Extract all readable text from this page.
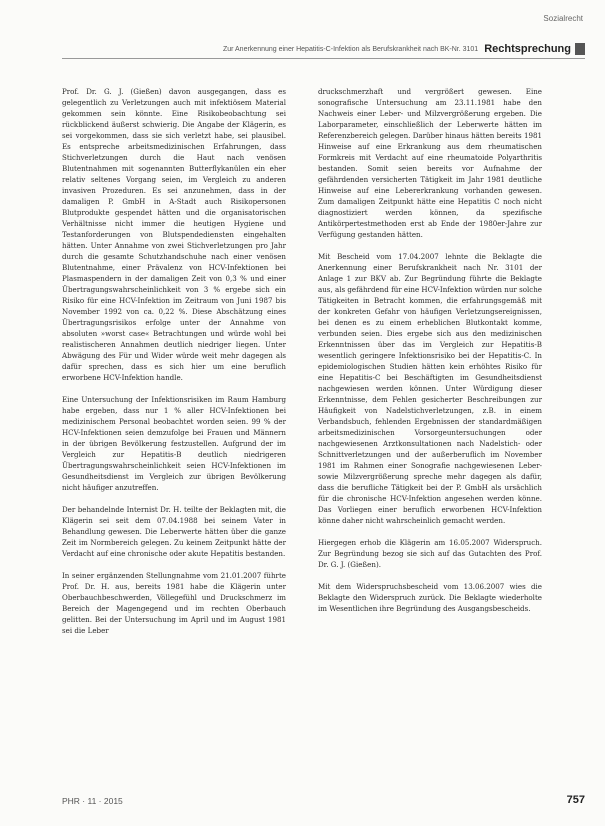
Sozialrecht
Zur Anerkennung einer Hepatitis-C-Infektion als Berufskrankheit nach BK-Nr. 3101 Rechtsprechung

Prof. Dr. G. J. (Gießen) davon ausgegangen, dass es gelegentlich zu Verletzungen auch mit infektiösem Material gekommen sein könnte. Eine Risikobeobachtung sei rückblickend äußerst schwierig. Die Angabe der Klägerin, es sei vorgekommen, dass sie sich verletzt habe, sei plausibel. Es entspreche arbeitsmedizinischen Erfahrungen, dass Stichverletzungen durch die Haut nach venösen Blutentnahmen mit sogenannten Butterflykanülen ein eher relativ seltenes Vorgang seien, im Vergleich zu anderen invasiven Prozeduren. Es sei anzunehmen, dass in der damaligen P. GmbH in A-Stadt auch Risikopersonen Blutprodukte gespendet hätten und die organisatorischen Verhältnisse nicht immer die heutigen Hygiene und Testanforderungen von Blutspendediensten eingehalten hätten. Unter Annahme von zwei Stichverletzungen pro Jahr durch die gesamte Schutzhandschuhe nach einer venösen Blutentnahme, einer Prävalenz von HCV-Infektionen bei Plasmaspendern in der damaligen Zeit von 0,3 % und einer Übertragungswahrscheinlichkeit von 3 % ergebe sich ein Risiko für eine HCV-Infektion im Zeitraum von Juni 1987 bis November 1992 von ca. 0,22 %. Diese Abschätzung eines Übertragungsrisikos erfolge unter der Annahme von absoluten »worst case« Betrachtungen und würde wohl bei realistischeren Annahmen deutlich niedriger liegen. Unter Abwägung des Für und Wider würde weit mehr dagegen als dafür sprechen, dass es sich hier um eine beruflich erworbene HCV-Infektion handle.

Eine Untersuchung der Infektionsrisiken im Raum Hamburg habe ergeben, dass nur 1 % aller HCV-Infektionen bei medizinischem Personal beobachtet worden seien. 99 % der HCV-Infektionen seien demzufolge bei Frauen und Männern in der übrigen Bevölkerung festzustellen. Aufgrund der im Vergleich zur Hepatitis-B deutlich niedrigeren Übertragungswahrscheinlichkeit seien HCV-Infektionen im Gesundheitsdienst im Vergleich zur übrigen Bevölkerung nicht häufiger anzutreffen.

Der behandelnde Internist Dr. H. teilte der Beklagten mit, die Klägerin sei seit dem 07.04.1988 bei seinem Vater in Behandlung gewesen. Die Leberwerte hätten über die ganze Zeit im Normbereich gelegen. Zu keinem Zeitpunkt hätte der Verdacht auf eine chronische oder akute Hepatitis bestanden.

In seiner ergänzenden Stellungnahme vom 21.01.2007 führte Prof. Dr. H. aus, bereits 1981 habe die Klägerin unter Oberbauchbeschwerden, Völlegefühl und Druckschmerz im Bereich der Magengegend und im rechten Oberbauch gelitten. Bei der Untersuchung im April und im August 1981 sei die Leber

druckschmerzhaft und vergrößert gewesen. Eine sonografische Untersuchung am 23.11.1981 habe den Nachweis einer Leber- und Milzvergrößerung ergeben. Die Laborparameter, einschließlich der Leberwerte hätten im Referenzbereich gelegen. Darüber hinaus hätten bereits 1981 Hinweise auf eine Erkrankung aus dem rheumatischen Formkreis mit Verdacht auf eine rheumatoide Polyarthritis bestanden. Somit seien bereits vor Aufnahme der gefährdenden versicherten Tätigkeit im Jahr 1981 deutliche Hinweise auf eine Lebererkrankung vorhanden gewesen. Zum damaligen Zeitpunkt hätte eine Hepatitis C noch nicht diagnostiziert werden können, da spezifische Antikörpertestmethoden erst ab Ende der 1980er-Jahre zur Verfügung gestanden hätten.

Mit Bescheid vom 17.04.2007 lehnte die Beklagte die Anerkennung einer Berufskrankheit nach Nr. 3101 der Anlage 1 zur BKV ab. Zur Begründung führte die Beklagte aus, als gefährdend für eine HCV-Infektion würden nur solche Tätigkeiten in Betracht kommen, die erfahrungsgemäß mit der konkreten Gefahr von häufigen Verletzungsereignissen, bei denen es zu einem erheblichen Blutkontakt komme, verbunden seien. Dies ergebe sich aus den medizinischen Erkenntnissen über das im Vergleich zur Hepatitis-B wesentlich geringere Infektionsrisiko bei der Hepatitis-C. In epidemiologischen Studien hätten kein erhöhtes Risiko für eine Hepatitis-C bei Beschäftigten im Gesundheitsdienst nachgewiesen werden können. Unter Würdigung dieser Erkenntnisse, dem Fehlen gesicherter Beschreibungen zur Häufigkeit von Nadelstichverletzungen, z.B. in einem Verbandsbuch, fehlenden Ergebnissen der standardmäßigen arbeitsmedizinischen Vorsorgeuntersuchungen oder nachgewiesenen Arztkonsultationen nach Nadelstich- oder Schnittverletzungen und der außerberuflich im November 1981 im Rahmen einer Sonografie nachgewiesenen Leber- sowie Milzvergrößerung spreche mehr dagegen als dafür, dass die berufliche Tätigkeit bei der P. GmbH als ursächlich für die chronische HCV-Infektion angesehen werden könne. Das Vorliegen einer beruflich erworbenen HCV-Infektion könne daher nicht wahrscheinlich gemacht werden.

Hiergegen erhob die Klägerin am 16.05.2007 Widerspruch. Zur Begründung bezog sie sich auf das Gutachten des Prof. Dr. G. J. (Gießen).

Mit dem Widerspruchsbescheid vom 13.06.2007 wies die Beklagte den Widerspruch zurück. Die Beklagte wiederholte im Wesentlichen ihre Begründung des Ausgangsbescheids.

PHR · 11 · 2015	757
